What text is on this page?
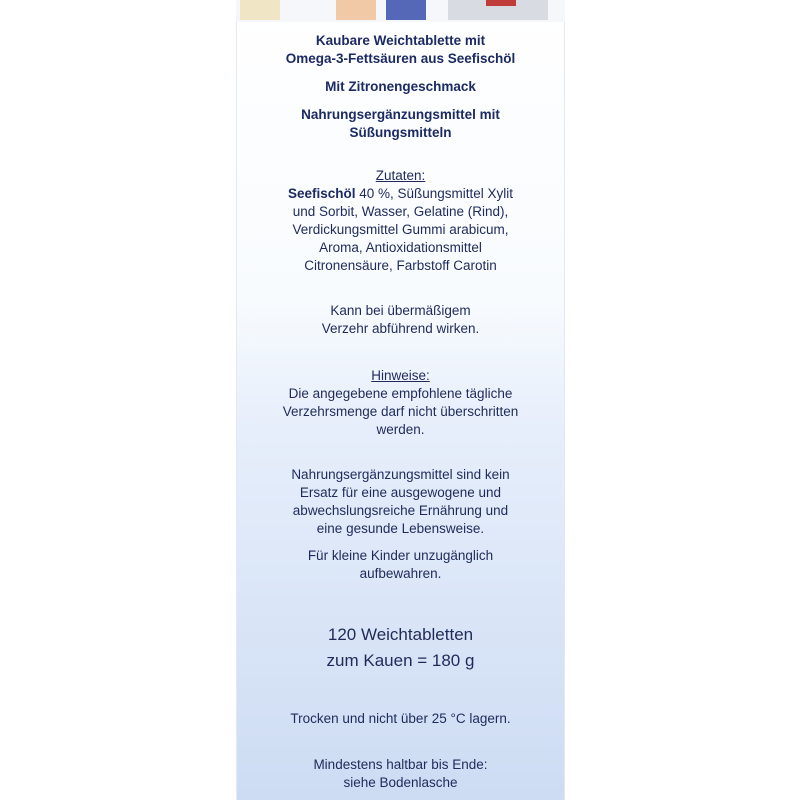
Kaubare Weichtablette mit
Omega-3-Fettsäuren aus Seefischöl
Mit Zitronengeschmack
Nahrungsergänzungsmittel mit
Süßungsmitteln
Zutaten:
Seefischöl 40 %, Süßungsmittel Xylit
und Sorbit, Wasser, Gelatine (Rind),
Verdickungsmittel Gummi arabicum,
Aroma, Antioxidationsmittel
Citronensäure, Farbstoff Carotin
Kann bei übermäßigem
Verzehr abführend wirken.
Hinweise:
Die angegebene empfohlene tägliche
Verzehrsmenge darf nicht überschritten
werden.
Nahrungsergänzungsmittel sind kein
Ersatz für eine ausgewogene und
abwechslungsreiche Ernährung und
eine gesunde Lebensweise.
Für kleine Kinder unzugänglich
aufbewahren.
120 Weichtabletten
zum Kauen = 180 g
Trocken und nicht über 25 °C lagern.
Mindestens haltbar bis Ende:
siehe Bodenlasche
